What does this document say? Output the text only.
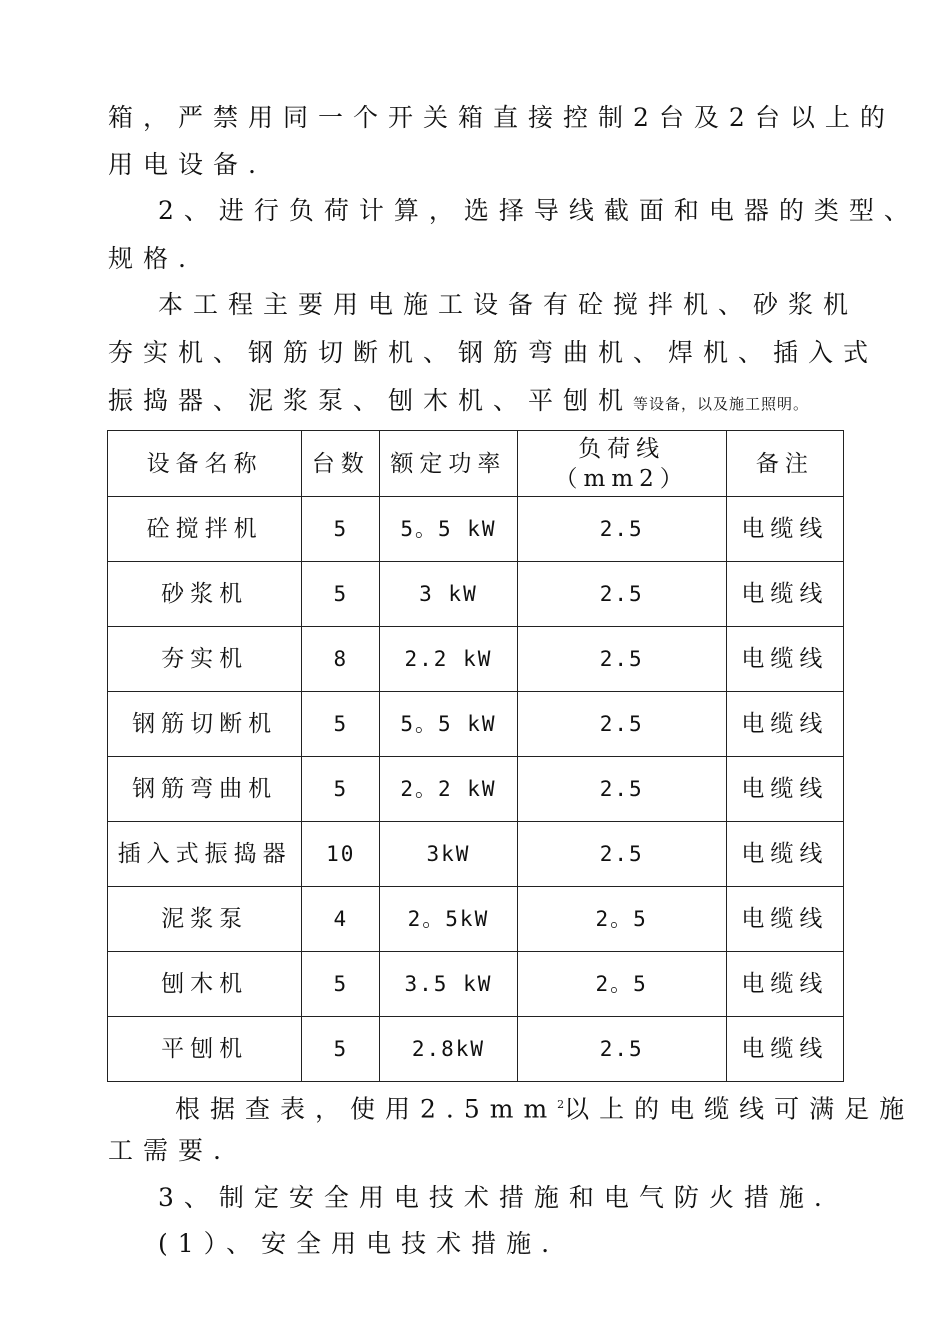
箱，严禁用同一个开关箱直接控制2台及2台以上的
用电设备.
2、进行负荷计算，选择导线截面和电器的类型、
规格.
本工程主要用电施工设备有砼搅拌机、砂浆机
夯实机、钢筋切断机、钢筋弯曲机、焊机、插入式
振捣器、泥浆泵、刨木机、平刨机等设备，以及施工照明。
设备名称	台数	额定功率	负荷线（mm2）	备注
砼搅拌机	5	5。5 kW	2.5	电缆线
砂浆机	5	3 kW	2.5	电缆线
夯实机	8	2.2 kW	2.5	电缆线
钢筋切断机	5	5。5 kW	2.5	电缆线
钢筋弯曲机	5	2。2 kW	2.5	电缆线
插入式振捣器	10	3kW	2.5	电缆线
泥浆泵	4	2。5kW	2。5	电缆线
刨木机	5	3.5 kW	2。5	电缆线
平刨机	5	2.8kW	2.5	电缆线
根据查表，使用$2.5mm^2$以上的电缆线可满足施
工需要.
3、制定安全用电技术措施和电气防火措施.
(1）、安全用电技术措施.
